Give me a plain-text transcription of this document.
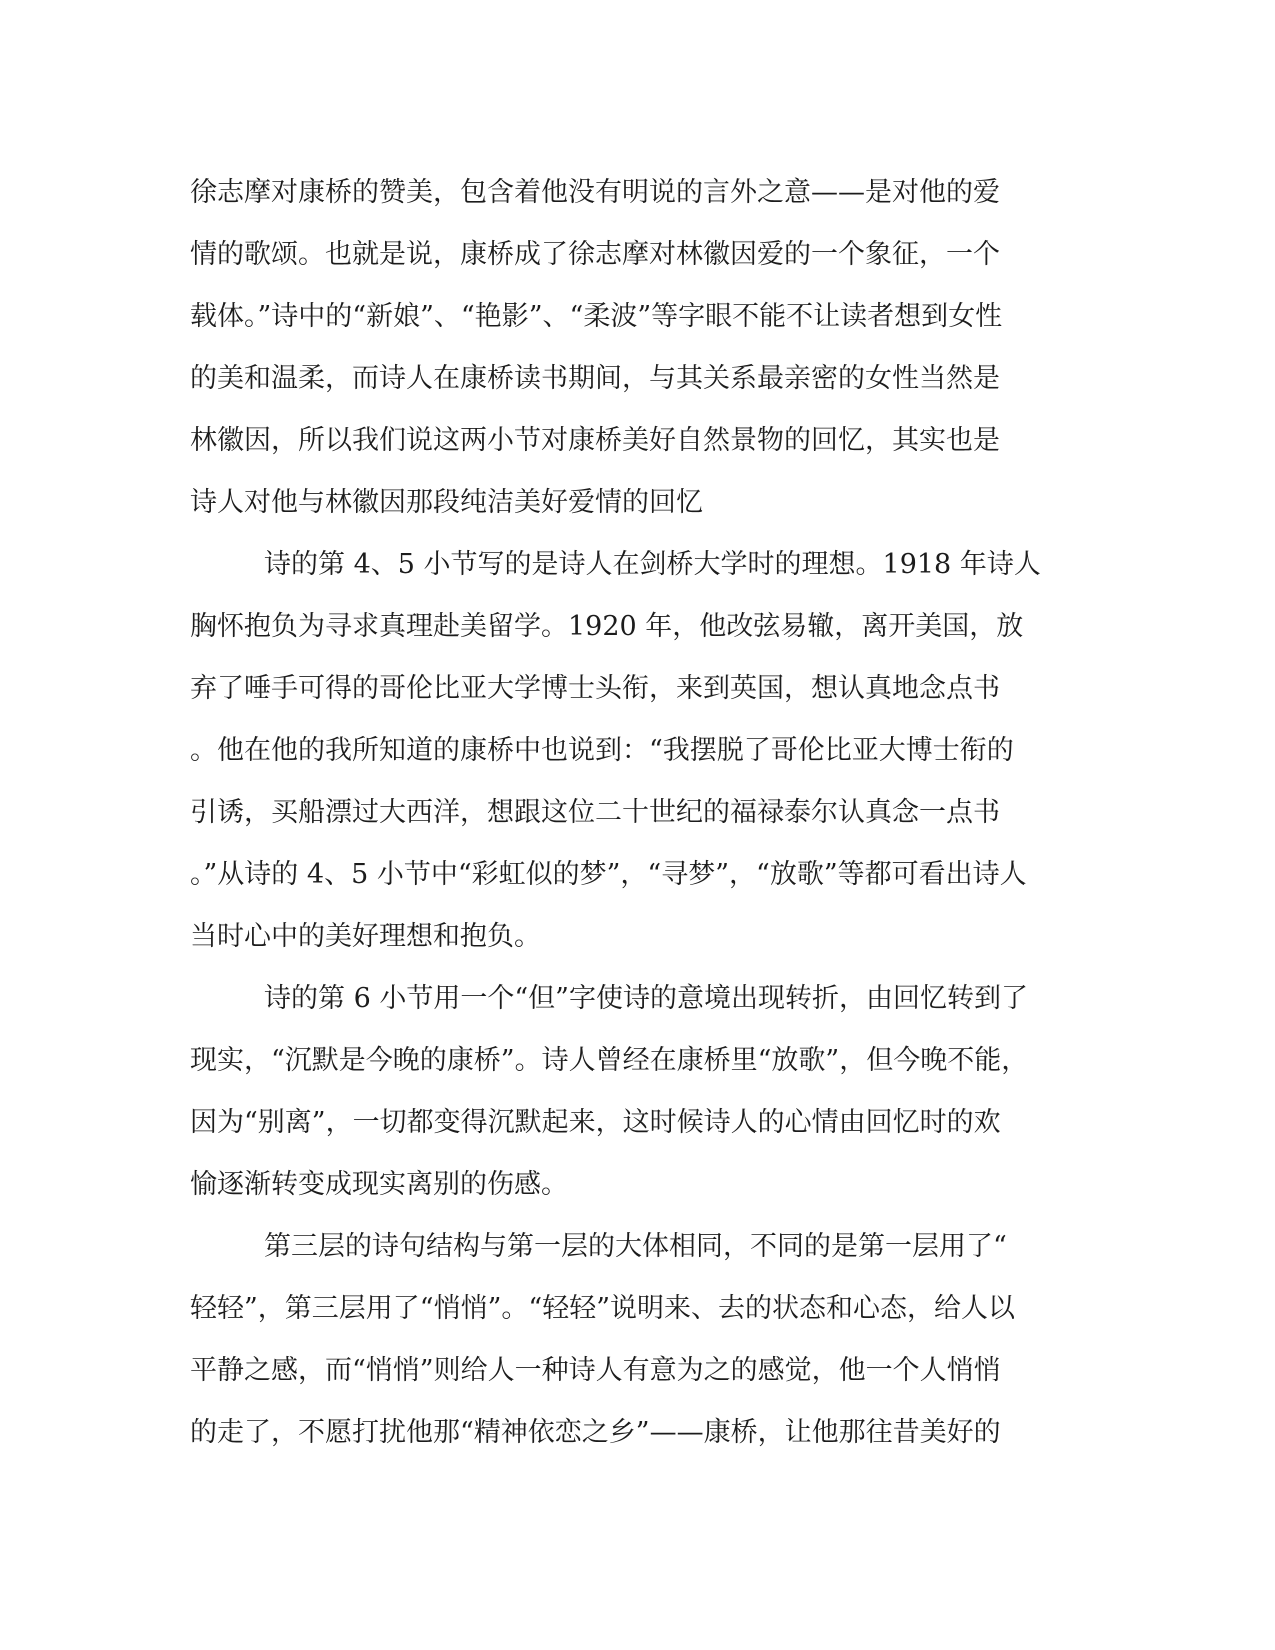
徐志摩对康桥的赞美，包含着他没有明说的言外之意——是对他的爱
情的歌颂。也就是说，康桥成了徐志摩对林徽因爱的一个象征，一个
载体。”诗中的“新娘”、“艳影”、“柔波”等字眼不能不让读者想到女性
的美和温柔，而诗人在康桥读书期间，与其关系最亲密的女性当然是
林徽因，所以我们说这两小节对康桥美好自然景物的回忆，其实也是
诗人对他与林徽因那段纯洁美好爱情的回忆
诗的第 4、5 小节写的是诗人在剑桥大学时的理想。1918 年诗人
胸怀抱负为寻求真理赴美留学。1920 年，他改弦易辙，离开美国，放
弃了唾手可得的哥伦比亚大学博士头衔，来到英国，想认真地念点书
。他在他的我所知道的康桥中也说到：“我摆脱了哥伦比亚大博士衔的
引诱，买船漂过大西洋，想跟这位二十世纪的福禄泰尔认真念一点书
。”从诗的 4、5 小节中“彩虹似的梦”，“寻梦”，“放歌”等都可看出诗人
当时心中的美好理想和抱负。
诗的第 6 小节用一个“但”字使诗的意境出现转折，由回忆转到了
现实，“沉默是今晚的康桥”。诗人曾经在康桥里“放歌”，但今晚不能，
因为“别离”，一切都变得沉默起来，这时候诗人的心情由回忆时的欢
愉逐渐转变成现实离别的伤感。
第三层的诗句结构与第一层的大体相同，不同的是第一层用了“
轻轻”，第三层用了“悄悄”。“轻轻”说明来、去的状态和心态，给人以
平静之感，而“悄悄”则给人一种诗人有意为之的感觉，他一个人悄悄
的走了，不愿打扰他那“精神依恋之乡”——康桥，让他那往昔美好的
